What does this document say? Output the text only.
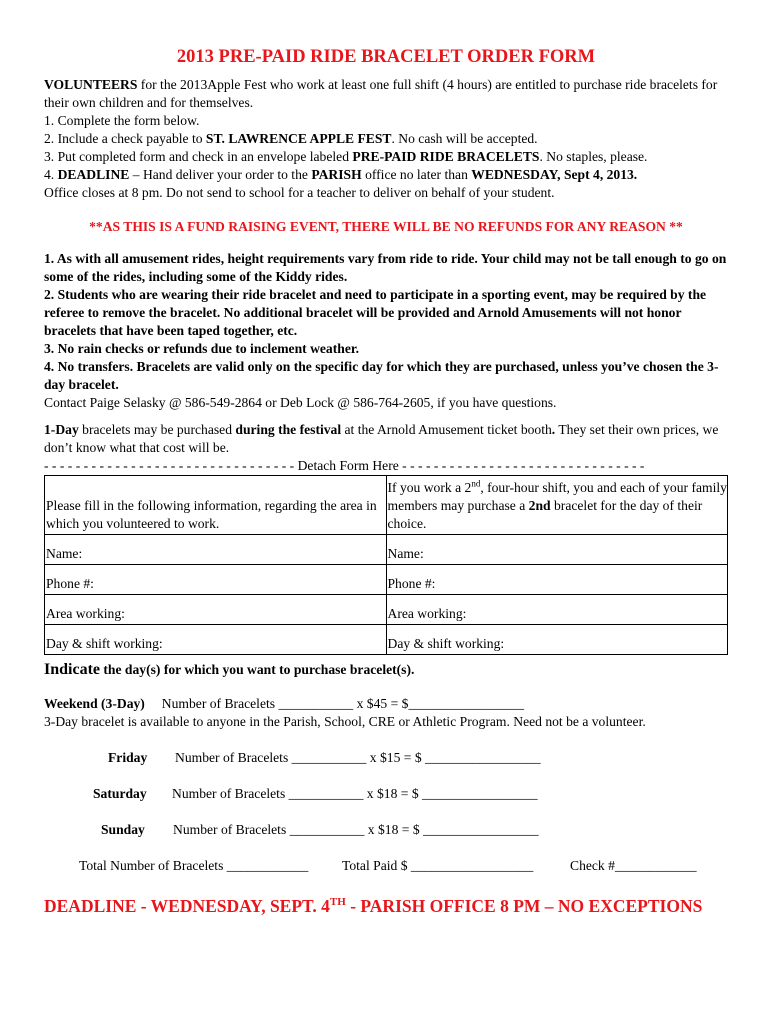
2013 PRE-PAID RIDE BRACELET ORDER FORM

VOLUNTEERS for the 2013Apple Fest who work at least one full shift (4 hours) are entitled to purchase ride bracelets for their own children and for themselves.

1. Complete the form below.

2. Include a check payable to ST. LAWRENCE APPLE FEST. No cash will be accepted.

3. Put completed form and check in an envelope labeled PRE-PAID RIDE BRACELETS. No staples, please.

4. DEADLINE – Hand deliver your order to the PARISH office no later than WEDNESDAY, Sept 4, 2013.

Office closes at 8 pm. Do not send to school for a teacher to deliver on behalf of your student.

**AS THIS IS A FUND RAISING EVENT, THERE WILL BE NO REFUNDS FOR ANY REASON **

1. As with all amusement rides, height requirements vary from ride to ride. Your child may not be tall enough to go on some of the rides, including some of the Kiddy rides.

2. Students who are wearing their ride bracelet and need to participate in a sporting event, may be required by the referee to remove the bracelet. No additional bracelet will be provided and Arnold Amusements will not honor bracelets that have been taped together, etc.

3. No rain checks or refunds due to inclement weather.

4. No transfers. Bracelets are valid only on the specific day for which they are purchased, unless you’ve chosen the 3-day bracelet.

Contact Paige Selasky @ 586-549-2864 or Deb Lock @ 586-764-2605, if you have questions.

1-Day bracelets may be purchased during the festival at the Arnold Amusement ticket booth. They set their own prices, we don’t know what that cost will be.

- - - - - - - - - - - - - - - - - - - - - - - - - - - - - - - - Detach Form Here - - - - - - - - - - - - - - - - - - - - - - - - - - - - - - -

Please fill in the following information, regarding the area in which you volunteered to work.	If you work a 2nd, four-hour shift, you and each of your family members may purchase a 2nd bracelet for the day of their choice.
Name:	Name:
Phone #:	Phone #:
Area working:	Area working:
Day & shift working:	Day & shift working:

Indicate the day(s) for which you want to purchase bracelet(s).

Weekend (3-Day)     Number of Bracelets ___________ x $45 = $_________________

3-Day bracelet is available to anyone in the Parish, School, CRE or Athletic Program. Need not be a volunteer.

Friday Number of Bracelets ___________ x $15 = $ _________________
Saturday Number of Bracelets ___________ x $18 = $ _________________
Sunday Number of Bracelets ___________ x $18 = $ _________________
Total Number of Bracelets ____________ Total Paid $ __________________	Check #____________

DEADLINE - WEDNESDAY, SEPT. 4TH - PARISH OFFICE 8 PM – NO EXCEPTIONS
